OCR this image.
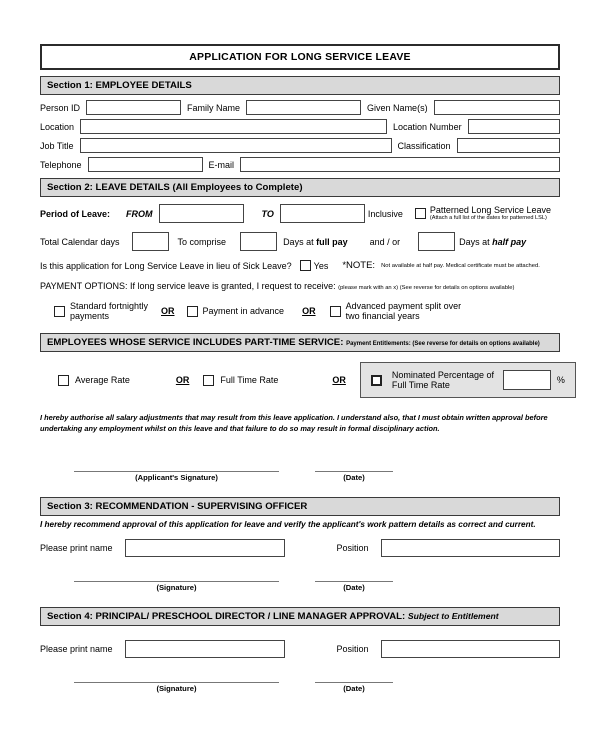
APPLICATION FOR LONG SERVICE LEAVE
Section 1: EMPLOYEE DETAILS
Person ID	Family Name	Given Name(s)
Location	Location Number
Job Title	Classification
Telephone	E-mail
Section 2: LEAVE DETAILS (All Employees to Complete)
Period of Leave:	FROM	TO	Inclusive	Patterned Long Service Leave
(Attach a full list of the dates for patterned LSL)
Total Calendar days	To comprise	Days at full pay	and / or	Days at half pay
Is this application for Long Service Leave in lieu of Sick Leave?	Yes	*NOTE:	Not available at half pay. Medical certificate must be attached.
PAYMENT OPTIONS: If long service leave is granted, I request to receive: (please mark with an x) (See reverse for details on options available)
Standard fortnightly payments	OR	Payment in advance OR
Advanced payment split over two financial years
EMPLOYEES WHOSE SERVICE INCLUDES PART-TIME SERVICE: Payment Entitlements: (See reverse for details on options available)
Average Rate	OR	Full Time Rate	OR
Nominated Percentage of Full Time Rate	%
I hereby authorise all salary adjustments that may result from this leave application. I understand also, that I must obtain written approval before undertaking any employment whilst on this leave and that failure to do so may result in formal disciplinary action.
(Applicant's Signature)	(Date)
Section 3: RECOMMENDATION - SUPERVISING OFFICER
I hereby recommend approval of this application for leave and verify the applicant's work pattern details as correct and current.
Please print name	Position
(Signature)	(Date)
Section 4: PRINCIPAL/ PRESCHOOL DIRECTOR / LINE MANAGER APPROVAL: Subject to Entitlement
Please print name	Position
(Signature)	(Date)
